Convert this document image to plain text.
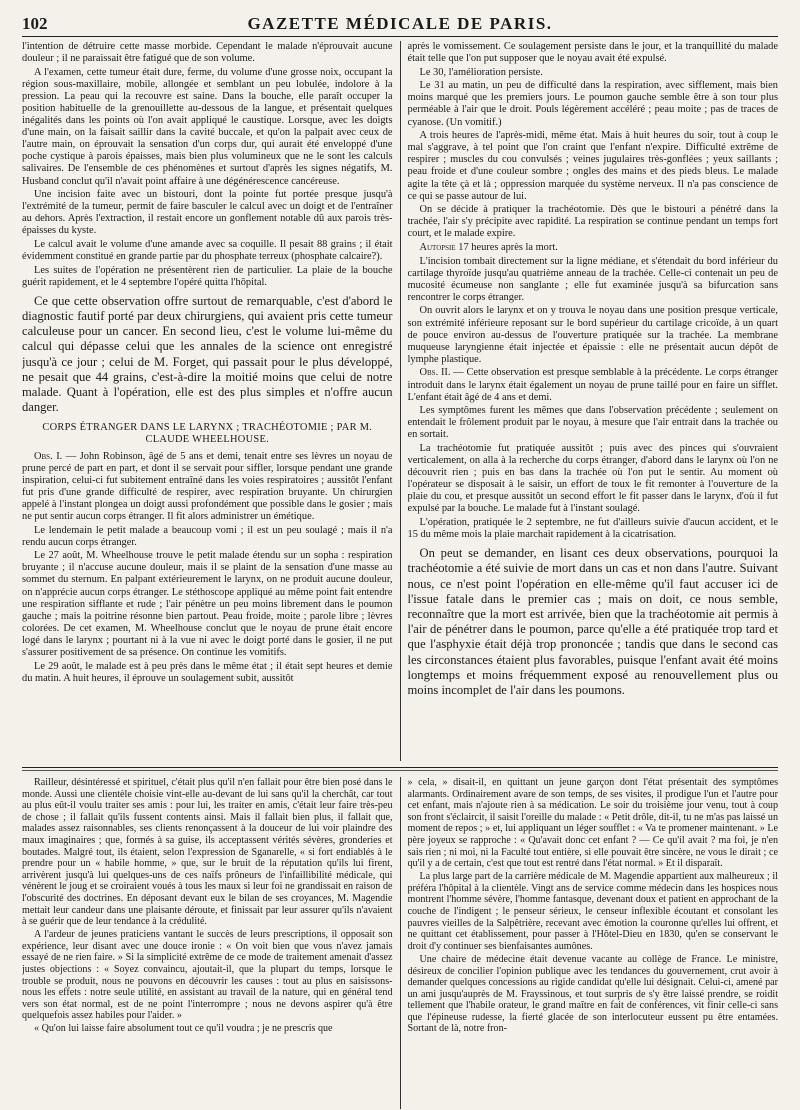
102	GAZETTE MÉDICALE DE PARIS.

l'intention de détruire cette masse morbide. Cependant le malade n'éprouvait aucune douleur ; il ne paraissait être fatigué que de son volume.

A l'examen, cette tumeur était dure, ferme, du volume d'une grosse noix, occupant la région sous-maxillaire, mobile, allongée et semblant un peu lobulée, indolore à la pression. La peau qui la recouvre est saine. Dans la bouche, elle paraît occuper la position habituelle de la grenouillette au-dessous de la langue, et présentait quelques inégalités dans les points où l'on avait appliqué le caustique. Lorsque, avec les doigts d'une main, on la faisait saillir dans la cavité buccale, et qu'on la palpait avec ceux de l'autre main, on éprouvait la sensation d'un corps dur, qui aurait été enveloppé d'une poche cystique à parois épaisses, mais bien plus volumineux que ne le sont les calculs salivaires. De l'ensemble de ces phénomènes et surtout d'après les signes négatifs, M. Husband conclut qu'il n'avait point affaire à une dégénérescence cancéreuse.

Une incision faite avec un bistouri, dont la pointe fut portée presque jusqu'à l'extrémité de la tumeur, permit de faire basculer le calcul avec un doigt et de l'entraîner au dehors. Après l'extraction, il restait encore un gonflement notable dû aux parois très-épaisses du kyste.

Le calcul avait le volume d'une amande avec sa coquille. Il pesait 88 grains ; il était évidemment constitué en grande partie par du phosphate terreux (phosphate calcaire?).

Les suites de l'opération ne présentèrent rien de particulier. La plaie de la bouche guérit rapidement, et le 4 septembre l'opéré quitta l'hôpital.

Ce que cette observation offre surtout de remarquable, c'est d'abord le diagnostic fautif porté par deux chirurgiens, qui avaient pris cette tumeur calculeuse pour un cancer. En second lieu, c'est le volume lui-même du calcul qui dépasse celui que les annales de la science ont enregistré jusqu'à ce jour ; celui de M. Forget, qui passait pour le plus développé, ne pesait que 44 grains, c'est-à-dire la moitié moins que celui de notre malade. Quant à l'opération, elle est des plus simples et n'offre aucun danger.

CORPS ÉTRANGER DANS LE LARYNX ; TRACHÉOTOMIE ; PAR M. CLAUDE WHEELHOUSE.

Obs. I. — John Robinson, âgé de 5 ans et demi, tenait entre ses lèvres un noyau de prune percé de part en part, et dont il se servait pour siffler, lorsque pendant une grande inspiration, celui-ci fut subitement entraîné dans les voies respiratoires ; aussitôt l'enfant fut pris d'une grande difficulté de respirer, avec respiration bruyante. Un chirurgien appelé à l'instant plongea un doigt aussi profondément que possible dans le gosier ; mais ne put sentir aucun corps étranger. Il fit alors administrer un émétique.

Le lendemain le petit malade a beaucoup vomi ; il est un peu soulagé ; mais il n'a rendu aucun corps étranger.

Le 27 août, M. Wheelhouse trouve le petit malade étendu sur un sopha : respiration bruyante ; il n'accuse aucune douleur, mais il se plaint de la sensation d'une masse au sommet du sternum. En palpant extérieurement le larynx, on ne produit aucune douleur, on n'apprécie aucun corps étranger. Le stéthoscope appliqué au même point fait entendre une respiration sifflante et rude ; l'air pénètre un peu moins librement dans le poumon gauche ; mais la poitrine résonne bien partout. Peau froide, moite ; parole libre ; lèvres colorées. De cet examen, M. Wheelhouse conclut que le noyau de prune était encore logé dans le larynx ; pourtant ni à la vue ni avec le doigt porté dans le gosier, il ne put s'assurer positivement de sa présence. On continue les vomitifs.

Le 29 août, le malade est à peu près dans le même état ; il était sept heures et demie du matin. A huit heures, il éprouve un soulagement subit, aussitôt

après le vomissement. Ce soulagement persiste dans le jour, et la tranquillité du malade était telle que l'on put supposer que le noyau avait été expulsé.

Le 30, l'amélioration persiste.

Le 31 au matin, un peu de difficulté dans la respiration, avec sifflement, mais bien moins marqué que les premiers jours. Le poumon gauche semble être à son tour plus perméable à l'air que le droit. Pouls légèrement accéléré ; peau moite ; pas de traces de cyanose. (Un vomitif.)

A trois heures de l'après-midi, même état. Mais à huit heures du soir, tout à coup le mal s'aggrave, à tel point que l'on craint que l'enfant n'expire. Difficulté extrême de respirer ; muscles du cou convulsés ; veines jugulaires très-gonflées ; yeux saillants ; peau froide et d'une couleur sombre ; ongles des mains et des pieds bleus. Le malade agite la tête çà et là ; oppression marquée du système nerveux. Il n'a pas conscience de ce qui se passe autour de lui.

On se décide à pratiquer la trachéotomie. Dès que le bistouri a pénétré dans la trachée, l'air s'y précipite avec rapidité. La respiration se continue pendant un temps fort court, et le malade expire.

Autopsie 17 heures après la mort.

L'incision tombait directement sur la ligne médiane, et s'étendait du bord inférieur du cartilage thyroïde jusqu'au quatrième anneau de la trachée. Celle-ci contenait un peu de mucosité écumeuse non sanglante ; elle fut examinée jusqu'à sa bifurcation sans rencontrer le corps étranger.

On ouvrit alors le larynx et on y trouva le noyau dans une position presque verticale, son extrémité inférieure reposant sur le bord supérieur du cartilage cricoïde, à un quart de pouce environ au-dessus de l'ouverture pratiquée sur la trachée. La membrane muqueuse laryngienne était injectée et épaissie : elle ne présentait aucun dépôt de lymphe plastique.

Obs. II. — Cette observation est presque semblable à la précédente. Le corps étranger introduit dans le larynx était également un noyau de prune taillé pour en faire un sifflet. L'enfant était âgé de 4 ans et demi.

Les symptômes furent les mêmes que dans l'observation précédente ; seulement on entendait le frôlement produit par le noyau, à mesure que l'air entrait dans la trachée ou en sortait.

La trachéotomie fut pratiquée aussitôt ; puis avec des pinces qui s'ouvraient verticalement, on alla à la recherche du corps étranger, d'abord dans le larynx où l'on ne découvrit rien ; puis en bas dans la trachée où l'on put le sentir. Au moment où l'opérateur se disposait à le saisir, un effort de toux le fit remonter à l'ouverture de la plaie du cou, et presque aussitôt un second effort le fit passer dans le larynx, d'où il fut expulsé par la bouche. Le malade fut à l'instant soulagé.

L'opération, pratiquée le 2 septembre, ne fut d'ailleurs suivie d'aucun accident, et le 15 du même mois la plaie marchait rapidement à la cicatrisation.

On peut se demander, en lisant ces deux observations, pourquoi la trachéotomie a été suivie de mort dans un cas et non dans l'autre. Suivant nous, ce n'est point l'opération en elle-même qu'il faut accuser ici de l'issue fatale dans le premier cas ; mais on doit, ce nous semble, reconnaître que la mort est arrivée, bien que la trachéotomie ait permis à l'air de pénétrer dans le poumon, parce qu'elle a été pratiquée trop tard et que l'asphyxie était déjà trop prononcée ; tandis que dans le second cas les circonstances étaient plus favorables, puisque l'enfant avait été moins longtemps et moins fréquemment exposé au renouvellement plus ou moins incomplet de l'air dans les poumons.

Railleur, désintéressé et spirituel, c'était plus qu'il n'en fallait pour être bien posé dans le monde. Aussi une clientèle choisie vint-elle au-devant de lui sans qu'il la cherchât, car tout au plus eût-il voulu traiter ses amis : pour lui, les traiter en amis, c'était leur faire très-peu de chose ; il fallait qu'ils fussent contents ainsi. Mais il fallait bien plus, il fallait que, malades assez raisonnables, ses clients renonçassent à la douceur de lui voir plaindre des maux imaginaires ; que, formés à sa guise, ils acceptassent vérités sévères, gronderies et boutades. Malgré tout, ils étaient, selon l'expression de Sganarelle, « si fort endiablés à le prendre pour un « habile homme, » que, sur le bruit de la réputation qu'ils lui firent, arrivèrent jusqu'à lui quelques-uns de ces naïfs prôneurs de l'infaillibilité médicale, qui vénèrent le joug et se croiraient voués à tous les maux si leur foi ne grandissait en raison de l'obscurité des doctrines. En déposant devant eux le bilan de ses croyances, M. Magendie mettait leur candeur dans une plaisante déroute, et finissait par leur assurer qu'ils n'avaient à se guérir que de leur tendance à la crédulité.

A l'ardeur de jeunes praticiens vantant le succès de leurs prescriptions, il opposait son expérience, leur disant avec une douce ironie : « On voit bien que vous n'avez jamais essayé de ne rien faire. » Si la simplicité extrême de ce mode de traitement amenait d'assez justes objections : « Soyez convaincu, ajoutait-il, que la plupart du temps, lorsque le trouble se produit, nous ne pouvons en découvrir les causes : tout au plus en saisissons-nous les effets : notre seule utilité, en assistant au travail de la nature, qui en général tend vers son état normal, est de ne point l'interrompre ; nous ne devons aspirer qu'à être quelquefois assez habiles pour l'aider. »

« Qu'on lui laisse faire absolument tout ce qu'il voudra ; je ne prescris que

» cela, » disait-il, en quittant un jeune garçon dont l'état présentait des symptômes alarmants. Ordinairement avare de son temps, de ses visites, il prodigue l'un et l'autre pour cet enfant, mais n'ajoute rien à sa médication. Le soir du troisième jour venu, tout à coup son front s'éclaircit, il saisit l'oreille du malade : « Petit drôle, dit-il, tu ne m'as pas laissé un moment de repos ; » et, lui appliquant un léger soufflet : « Va te promener maintenant. » Le père joyeux se rapproche : « Qu'avait donc cet enfant ? — Ce qu'il avait ? ma foi, je n'en sais rien ; ni moi, ni la Faculté tout entière, si elle pouvait être sincère, ne vous le dirait ; ce qu'il y a de certain, c'est que tout est rentré dans l'état normal. » Et il disparaît.

La plus large part de la carrière médicale de M. Magendie appartient aux malheureux ; il préféra l'hôpital à la clientèle. Vingt ans de service comme médecin dans les hospices nous montrent l'homme sévère, l'homme fantasque, devenant doux et patient en approchant de la couche de l'indigent ; le penseur sérieux, le censeur inflexible écoutant et consolant les pauvres vieilles de la Salpêtrière, recevant avec émotion la couronne qu'elles lui offrent, et ne quittant cet établissement, pour passer à l'Hôtel-Dieu en 1830, qu'en se conservant le droit d'y continuer ses bienfaisantes aumônes.

Une chaire de médecine était devenue vacante au collège de France. Le ministre, désireux de concilier l'opinion publique avec les tendances du gouvernement, crut avoir à demander quelques concessions au rigide candidat qu'elle lui désignait. Celui-ci, amené par un ami jusqu'auprès de M. Frayssinous, et tout surpris de s'y être laissé prendre, se roidit tellement que l'habile orateur, le grand maître en fait de conférences, vit finir celle-ci sans que l'épineuse rudesse, la fierté glacée de son interlocuteur eussent pu être entamées. Sortant de là, notre fron-
